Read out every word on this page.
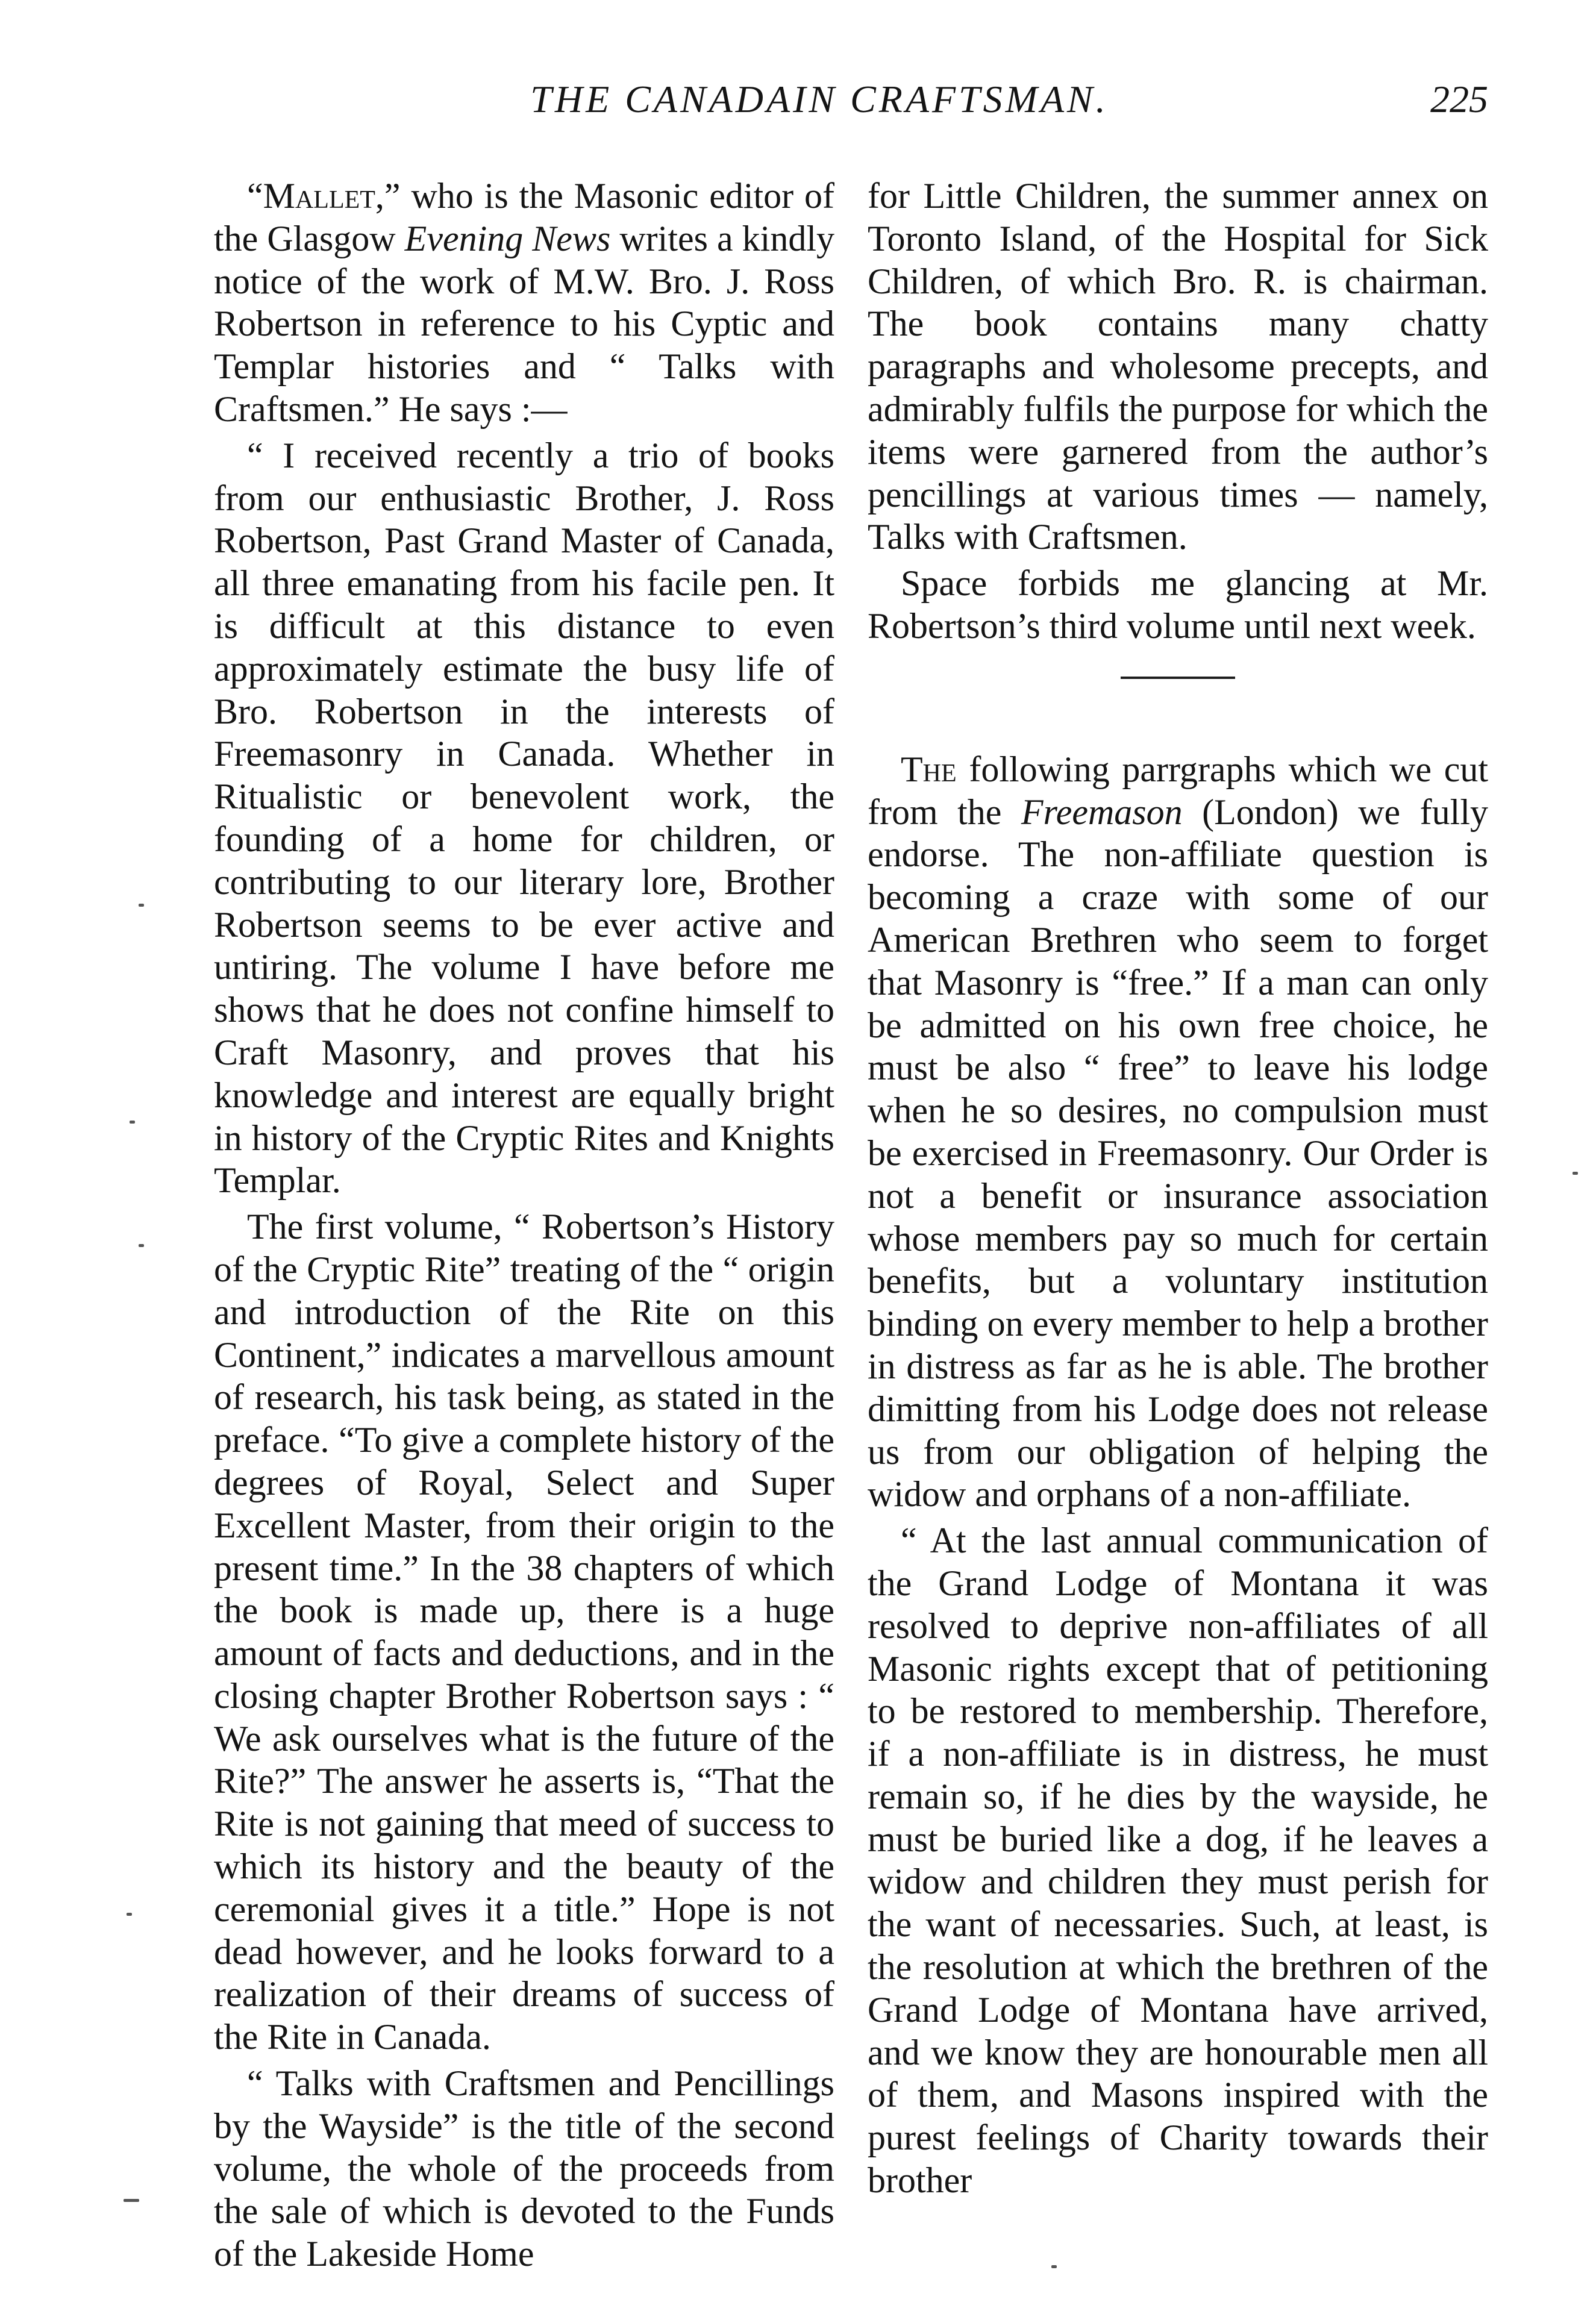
THE CANADAIN CRAFTSMAN.	225

“Mallet,” who is the Masonic editor of the Glasgow Evening News writes a kindly notice of the work of M.W. Bro. J. Ross Robertson in reference to his Cyptic and Templar histories and “ Talks with Craftsmen.” He says :—

“ I received recently a trio of books from our enthusiastic Brother, J. Ross Robertson, Past Grand Master of Canada, all three emanating from his facile pen. It is difficult at this distance to even approximately estimate the busy life of Bro. Robertson in the interests of Freemasonry in Canada. Whether in Ritualistic or benevolent work, the founding of a home for children, or contributing to our literary lore, Brother Robertson seems to be ever active and untiring. The volume I have before me shows that he does not confine himself to Craft Masonry, and proves that his knowledge and interest are equally bright in history of the Cryptic Rites and Knights Templar.

The first volume, “ Robertson’s History of the Cryptic Rite” treating of the “ origin and introduction of the Rite on this Continent,” indicates a marvellous amount of research, his task being, as stated in the preface. “To give a complete history of the degrees of Royal, Select and Super Excellent Master, from their origin to the present time.” In the 38 chapters of which the book is made up, there is a huge amount of facts and deductions, and in the closing chapter Brother Robertson says : “ We ask ourselves what is the future of the Rite?” The answer he asserts is, “That the Rite is not gaining that meed of success to which its history and the beauty of the ceremonial gives it a title.” Hope is not dead however, and he looks forward to a realization of their dreams of success of the Rite in Canada.

“ Talks with Craftsmen and Pencillings by the Wayside” is the title of the second volume, the whole of the proceeds from the sale of which is devoted to the Funds of the Lakeside Home

for Little Children, the summer annex on Toronto Island, of the Hospital for Sick Children, of which Bro. R. is chairman. The book contains many chatty paragraphs and wholesome precepts, and admirably fulfils the purpose for which the items were garnered from the author’s pencillings at various times — namely, Talks with Craftsmen.

Space forbids me glancing at Mr. Robertson’s third volume until next week.

The following parrgraphs which we cut from the Freemason (London) we fully endorse. The non-affiliate question is becoming a craze with some of our American Brethren who seem to forget that Masonry is “free.” If a man can only be admitted on his own free choice, he must be also “ free” to leave his lodge when he so desires, no compulsion must be exercised in Freemasonry. Our Order is not a benefit or insurance association whose members pay so much for certain benefits, but a voluntary institution binding on every member to help a brother in distress as far as he is able. The brother dimitting from his Lodge does not release us from our obligation of helping the widow and orphans of a non-affiliate.

“ At the last annual communication of the Grand Lodge of Montana it was resolved to deprive non-affiliates of all Masonic rights except that of petitioning to be restored to membership. Therefore, if a non-affiliate is in distress, he must remain so, if he dies by the wayside, he must be buried like a dog, if he leaves a widow and children they must perish for the want of necessaries. Such, at least, is the resolution at which the brethren of the Grand Lodge of Montana have arrived, and we know they are honourable men all of them, and Masons inspired with the purest feelings of Charity towards their brother
